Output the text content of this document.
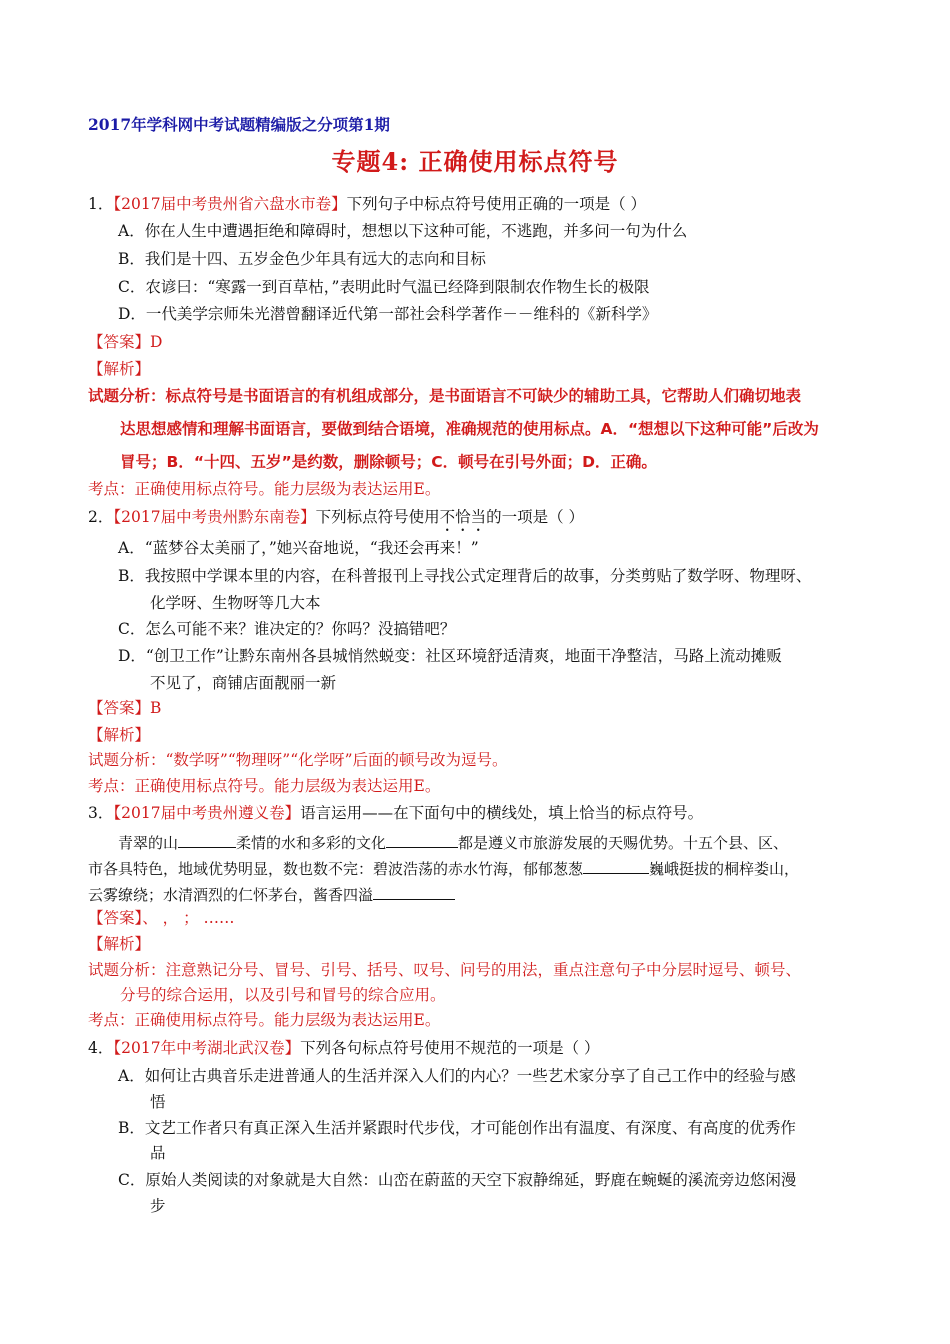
2017年学科网中考试题精编版之分项第1期
专题4: 正确使用标点符号
1．【2017届中考贵州省六盘水市卷】下列句子中标点符号使用正确的一项是（ ）
A．你在人生中遭遇拒绝和障碍时，想想以下这种可能，不逃跑，并多问一句为什么
B．我们是十四、五岁金色少年具有远大的志向和目标
C．农谚曰：“寒露一到百草枯，”表明此时气温已经降到限制农作物生长的极限
D．一代美学宗师朱光潜曾翻译近代第一部社会科学著作－－维科的《新科学》
【答案】D
【解析】
试题分析：标点符号是书面语言的有机组成部分，是书面语言不可缺少的辅助工具，它帮助人们确切地表
达思想感情和理解书面语言，要做到结合语境，准确规范的使用标点。A．“想想以下这种可能”后改为
冒号；B．“十四、五岁”是约数，删除顿号；C．顿号在引号外面；D．正确。
考点：正确使用标点符号。能力层级为表达运用E。
2．【2017届中考贵州黔东南卷】下列标点符号使用不恰当的一项是（ ）
A．“蓝梦谷太美丽了，”她兴奋地说，“我还会再来！”
B．我按照中学课本里的内容，在科普报刊上寻找公式定理背后的故事，分类剪贴了数学呀、物理呀、
化学呀、生物呀等几大本
C．怎么可能不来？谁决定的？你吗？没搞错吧？
D．“创卫工作”让黔东南州各县城悄然蜕变：社区环境舒适清爽，地面干净整洁，马路上流动摊贩
不见了，商铺店面靓丽一新
【答案】B
【解析】
试题分析：“数学呀”“物理呀”“化学呀”后面的顿号改为逗号。
考点：正确使用标点符号。能力层级为表达运用E。
3．【2017届中考贵州遵义卷】语言运用——在下面句中的横线处，填上恰当的标点符号。
青翠的山	柔情的水和多彩的文化	都是遵义市旅游发展的天赐优势。十五个县、区、
市各具特色，地域优势明显，数也数不完：碧波浩荡的赤水竹海，郁郁葱葱	巍峨挺拔的桐梓娄山，
云雾缭绕；水清酒烈的仁怀茅台，酱香四溢
【答案】、 ， ； ……
【解析】
试题分析：注意熟记分号、冒号、引号、括号、叹号、问号的用法，重点注意句子中分层时逗号、顿号、
分号的综合运用，以及引号和冒号的综合应用。
考点：正确使用标点符号。能力层级为表达运用E。
4．【2017年中考湖北武汉卷】下列各句标点符号使用不规范的一项是（ ）
A．如何让古典音乐走进普通人的生活并深入人们的内心？一些艺术家分享了自己工作中的经验与感
悟
B．文艺工作者只有真正深入生活并紧跟时代步伐，才可能创作出有温度、有深度、有高度的优秀作
品
C．原始人类阅读的对象就是大自然：山峦在蔚蓝的天空下寂静绵延，野鹿在蜿蜒的溪流旁边悠闲漫
步
